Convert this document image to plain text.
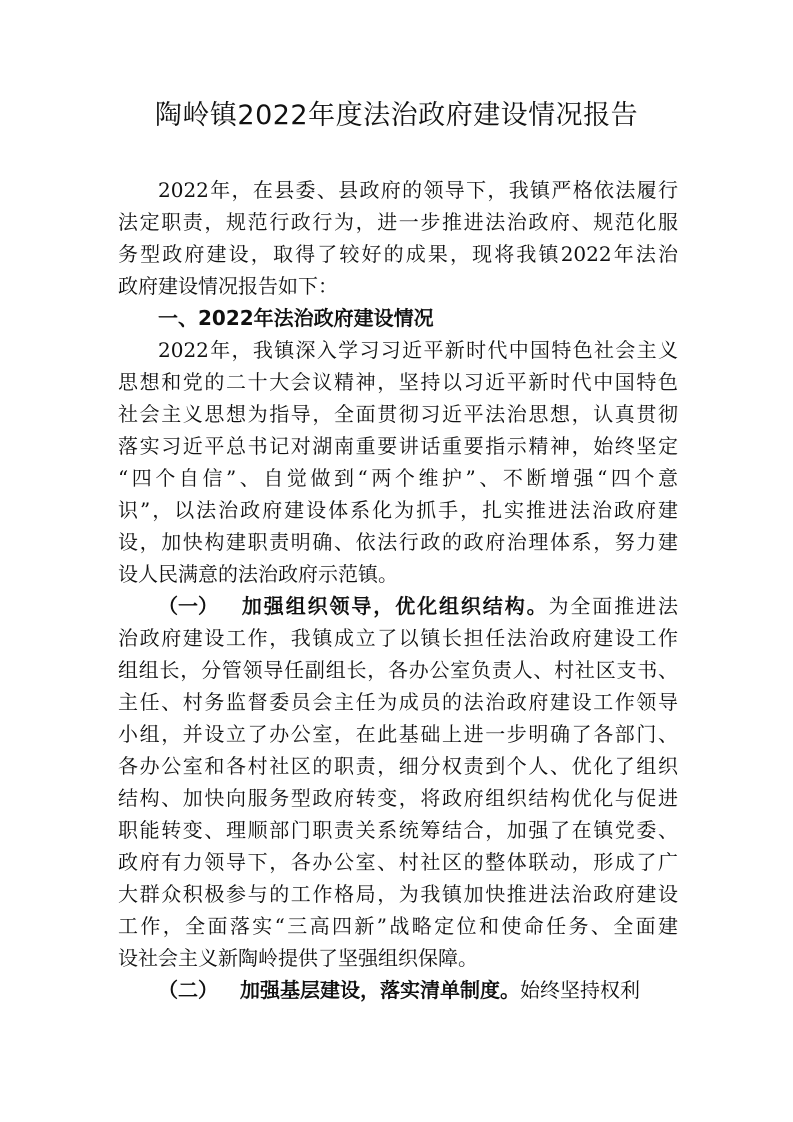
陶岭镇2022年度法治政府建设情况报告
2022年，在县委、县政府的领导下，我镇严格依法履行
法定职责，规范行政行为，进一步推进法治政府、规范化服
务型政府建设，取得了较好的成果，现将我镇2022年法治
政府建设情况报告如下：
一、2022年法治政府建设情况
2022年，我镇深入学习习近平新时代中国特色社会主义
思想和党的二十大会议精神，坚持以习近平新时代中国特色
社会主义思想为指导，全面贯彻习近平法治思想，认真贯彻
落实习近平总书记对湖南重要讲话重要指示精神，始终坚定
“四个自信”、自觉做到“两个维护”、不断增强“四个意
识”，以法治政府建设体系化为抓手，扎实推进法治政府建
设，加快构建职责明确、依法行政的政府治理体系，努力建
设人民满意的法治政府示范镇。
（一） 加强组织领导，优化组织结构。为全面推进法
治政府建设工作，我镇成立了以镇长担任法治政府建设工作
组组长，分管领导任副组长，各办公室负责人、村社区支书、
主任、村务监督委员会主任为成员的法治政府建设工作领导
小组，并设立了办公室，在此基础上进一步明确了各部门、
各办公室和各村社区的职责，细分权责到个人、优化了组织
结构、加快向服务型政府转变，将政府组织结构优化与促进
职能转变、理顺部门职责关系统筹结合，加强了在镇党委、
政府有力领导下，各办公室、村社区的整体联动，形成了广
大群众积极参与的工作格局，为我镇加快推进法治政府建设
工作，全面落实“三高四新”战略定位和使命任务、全面建
设社会主义新陶岭提供了坚强组织保障。
（二） 加强基层建设，落实清单制度。始终坚持权利
